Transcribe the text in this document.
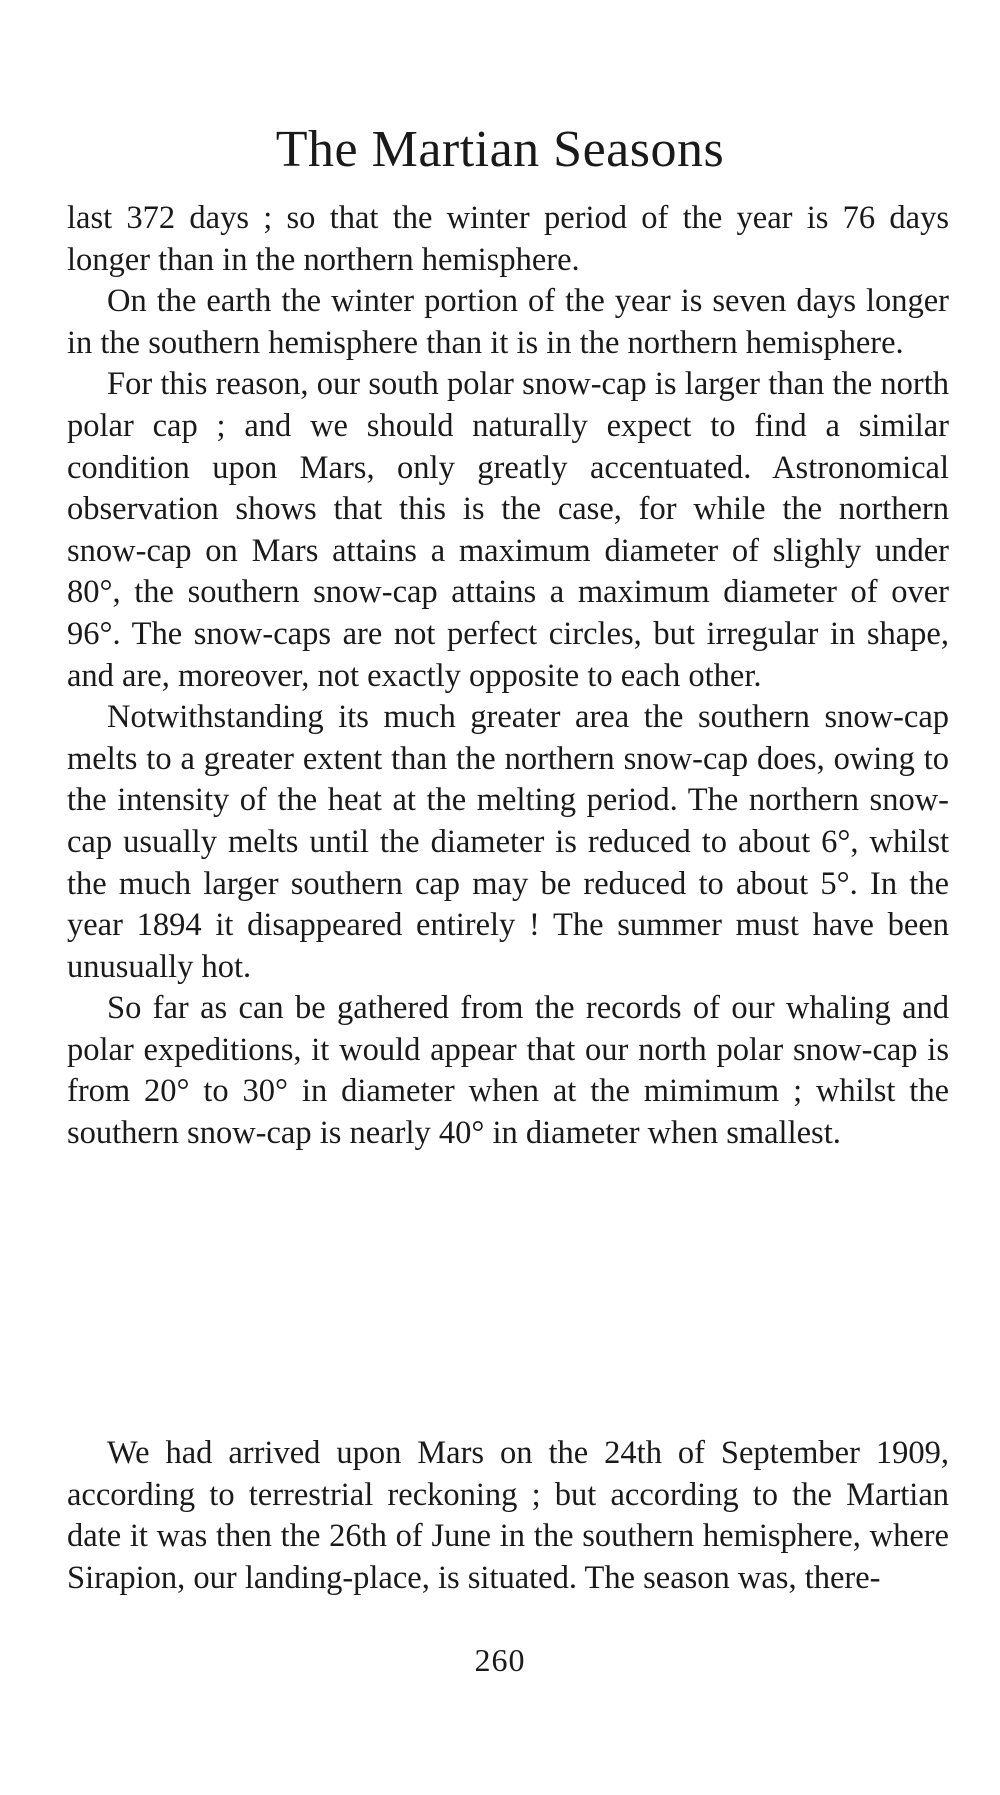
The Martian Seasons

last 372 days ; so that the winter period of the year is 76 days longer than in the northern hemisphere.

On the earth the winter portion of the year is seven days longer in the southern hemisphere than it is in the northern hemisphere.

For this reason, our south polar snow-cap is larger than the north polar cap ; and we should naturally expect to find a similar condition upon Mars, only greatly accentuated. Astronomical observation shows that this is the case, for while the northern snow-cap on Mars attains a maximum diameter of slighly under 80°, the southern snow-cap attains a maximum diameter of over 96°. The snow-caps are not perfect circles, but irregular in shape, and are, moreover, not exactly opposite to each other.

Notwithstanding its much greater area the southern snow-cap melts to a greater extent than the northern snow-cap does, owing to the intensity of the heat at the melting period. The northern snow-cap usually melts until the diameter is reduced to about 6°, whilst the much larger southern cap may be reduced to about 5°. In the year 1894 it disappeared entirely ! The summer must have been unusually hot.

So far as can be gathered from the records of our whaling and polar expeditions, it would appear that our north polar snow-cap is from 20° to 30° in diameter when at the mimimum ; whilst the southern snow-cap is nearly 40° in diameter when smallest.

We had arrived upon Mars on the 24th of September 1909, according to terrestrial reckoning ; but according to the Martian date it was then the 26th of June in the southern hemisphere, where Sirapion, our landing-place, is situated. The season was, there-

260
